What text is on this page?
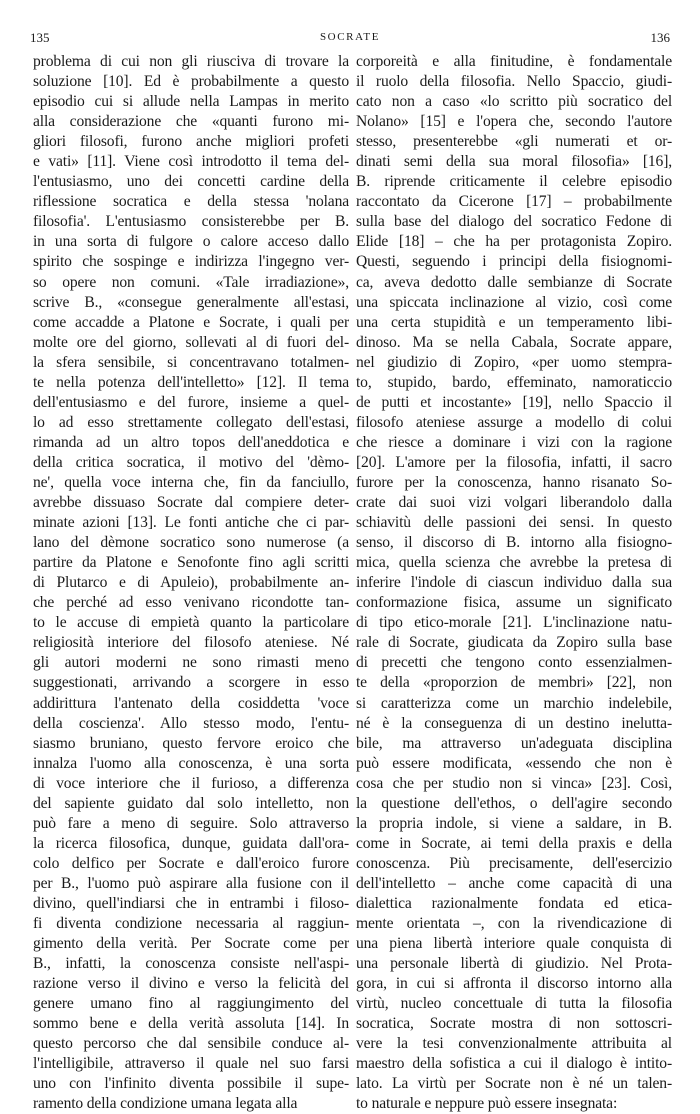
135	SOCRATE	136
problema di cui non gli riusciva di trovare la
soluzione [10]. Ed è probabilmente a questo
episodio cui si allude nella Lampas in merito
alla considerazione che «quanti furono mi-
gliori filosofi, furono anche migliori profeti
e vati» [11]. Viene così introdotto il tema del-
l'entusiasmo, uno dei concetti cardine della
riflessione socratica e della stessa 'nolana
filosofia'. L'entusiasmo consisterebbe per B.
in una sorta di fulgore o calore acceso dallo
spirito che sospinge e indirizza l'ingegno ver-
so opere non comuni. «Tale irradiazione»,
scrive B., «consegue generalmente all'estasi,
come accadde a Platone e Socrate, i quali per
molte ore del giorno, sollevati al di fuori del-
la sfera sensibile, si concentravano totalmen-
te nella potenza dell'intelletto» [12]. Il tema
dell'entusiasmo e del furore, insieme a quel-
lo ad esso strettamente collegato dell'estasi,
rimanda ad un altro topos dell'aneddotica e
della critica socratica, il motivo del 'dèmo-
ne', quella voce interna che, fin da fanciullo,
avrebbe dissuaso Socrate dal compiere deter-
minate azioni [13]. Le fonti antiche che ci par-
lano del dèmone socratico sono numerose (a
partire da Platone e Senofonte fino agli scritti
di Plutarco e di Apuleio), probabilmente an-
che perché ad esso venivano ricondotte tan-
to le accuse di empietà quanto la particolare
religiosità interiore del filosofo ateniese. Né
gli autori moderni ne sono rimasti meno
suggestionati, arrivando a scorgere in esso
addirittura l'antenato della cosiddetta 'voce
della coscienza'. Allo stesso modo, l'entu-
siasmo bruniano, questo fervore eroico che
innalza l'uomo alla conoscenza, è una sorta
di voce interiore che il furioso, a differenza
del sapiente guidato dal solo intelletto, non
può fare a meno di seguire. Solo attraverso
la ricerca filosofica, dunque, guidata dall'ora-
colo delfico per Socrate e dall'eroico furore
per B., l'uomo può aspirare alla fusione con il
divino, quell'indiarsi che in entrambi i filoso-
fi diventa condizione necessaria al raggiun-
gimento della verità. Per Socrate come per
B., infatti, la conoscenza consiste nell'aspi-
razione verso il divino e verso la felicità del
genere umano fino al raggiungimento del
sommo bene e della verità assoluta [14]. In
questo percorso che dal sensibile conduce al-
l'intelligibile, attraverso il quale nel suo farsi
uno con l'infinito diventa possibile il supe-
ramento della condizione umana legata alla
corporeità e alla finitudine, è fondamentale
il ruolo della filosofia. Nello Spaccio, giudi-
cato non a caso «lo scritto più socratico del
Nolano» [15] e l'opera che, secondo l'autore
stesso, presenterebbe «gli numerati et or-
dinati semi della sua moral filosofia» [16],
B. riprende criticamente il celebre episodio
raccontato da Cicerone [17] – probabilmente
sulla base del dialogo del socratico Fedone di
Elide [18] – che ha per protagonista Zopiro.
Questi, seguendo i principi della fisiognomi-
ca, aveva dedotto dalle sembianze di Socrate
una spiccata inclinazione al vizio, così come
una certa stupidità e un temperamento libi-
dinoso. Ma se nella Cabala, Socrate appare,
nel giudizio di Zopiro, «per uomo stempra-
to, stupido, bardo, effeminato, namoraticcio
de putti et incostante» [19], nello Spaccio il
filosofo ateniese assurge a modello di colui
che riesce a dominare i vizi con la ragione
[20]. L'amore per la filosofia, infatti, il sacro
furore per la conoscenza, hanno risanato So-
crate dai suoi vizi volgari liberandolo dalla
schiavitù delle passioni dei sensi. In questo
senso, il discorso di B. intorno alla fisiogno-
mica, quella scienza che avrebbe la pretesa di
inferire l'indole di ciascun individuo dalla sua
conformazione fisica, assume un significato
di tipo etico-morale [21]. L'inclinazione natu-
rale di Socrate, giudicata da Zopiro sulla base
di precetti che tengono conto essenzialmen-
te della «proporzion de membri» [22], non
si caratterizza come un marchio indelebile,
né è la conseguenza di un destino ineluttа-
bile, ma attraverso un'adeguata disciplina
può essere modificata, «essendo che non è
cosa che per studio non si vinca» [23]. Così,
la questione dell'ethos, o dell'agire secondo
la propria indole, si viene a saldare, in B.
come in Socrate, ai temi della praxis e della
conoscenza. Più precisamente, dell'esercizio
dell'intelletto – anche come capacità di una
dialettica razionalmente fondata ed etica-
mente orientata –, con la rivendicazione di
una piena libertà interiore quale conquista di
una personale libertà di giudizio. Nel Prota-
gora, in cui si affronta il discorso intorno alla
virtù, nucleo concettuale di tutta la filosofia
socratica, Socrate mostra di non sottoscri-
vere la tesi convenzionalmente attribuita al
maestro della sofistica a cui il dialogo è intito-
lato. La virtù per Socrate non è né un talen-
to naturale e neppure può essere insegnata:
